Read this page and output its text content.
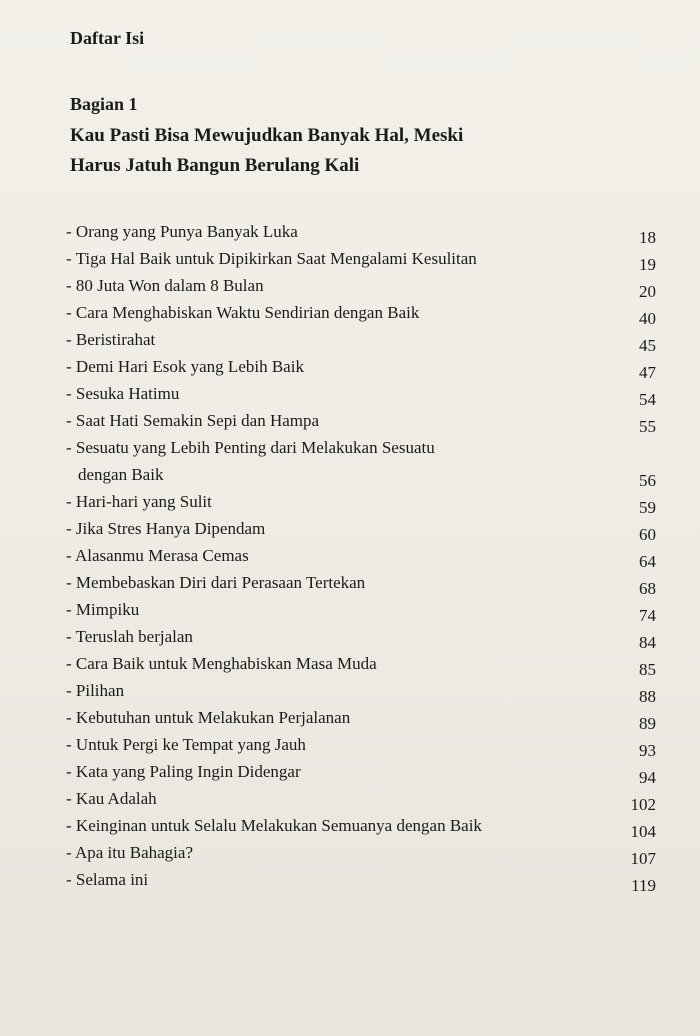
Daftar Isi
Bagian 1
Kau Pasti Bisa Mewujudkan Banyak Hal, Meski
Harus Jatuh Bangun Berulang Kali
- Orang yang Punya Banyak Luka	18
- Tiga Hal Baik untuk Dipikirkan Saat Mengalami Kesulitan	19
- 80 Juta Won dalam 8 Bulan	20
- Cara Menghabiskan Waktu Sendirian dengan Baik	40
- Beristirahat	45
- Demi Hari Esok yang Lebih Baik	47
- Sesuka Hatimu	54
- Saat Hati Semakin Sepi dan Hampa	55
- Sesuatu yang Lebih Penting dari Melakukan Sesuatu
dengan Baik	56
- Hari-hari yang Sulit	59
- Jika Stres Hanya Dipendam	60
- Alasanmu Merasa Cemas	64
- Membebaskan Diri dari Perasaan Tertekan	68
- Mimpiku	74
- Teruslah berjalan	84
- Cara Baik untuk Menghabiskan Masa Muda	85
- Pilihan	88
- Kebutuhan untuk Melakukan Perjalanan	89
- Untuk Pergi ke Tempat yang Jauh	93
- Kata yang Paling Ingin Didengar	94
- Kau Adalah	102
- Keinginan untuk Selalu Melakukan Semuanya dengan Baik	104
- Apa itu Bahagia?	107
- Selama ini	119
